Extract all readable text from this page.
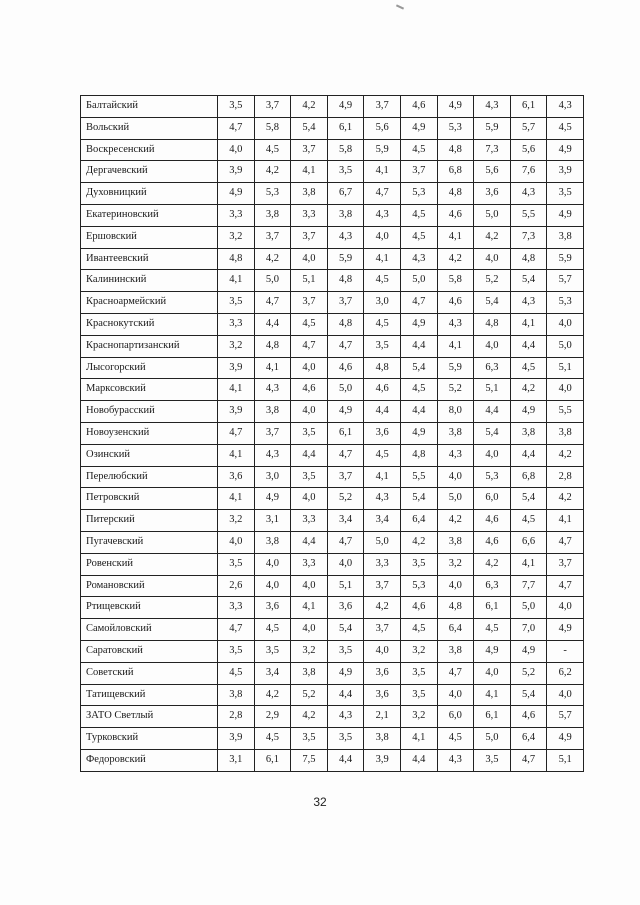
Балтайский	3,5	3,7	4,2	4,9	3,7	4,6	4,9	4,3	6,1	4,3
Вольский	4,7	5,8	5,4	6,1	5,6	4,9	5,3	5,9	5,7	4,5
Воскресенский	4,0	4,5	3,7	5,8	5,9	4,5	4,8	7,3	5,6	4,9
Дергачевский	3,9	4,2	4,1	3,5	4,1	3,7	6,8	5,6	7,6	3,9
Духовницкий	4,9	5,3	3,8	6,7	4,7	5,3	4,8	3,6	4,3	3,5
Екатериновский	3,3	3,8	3,3	3,8	4,3	4,5	4,6	5,0	5,5	4,9
Ершовский	3,2	3,7	3,7	4,3	4,0	4,5	4,1	4,2	7,3	3,8
Ивантеевский	4,8	4,2	4,0	5,9	4,1	4,3	4,2	4,0	4,8	5,9
Калининский	4,1	5,0	5,1	4,8	4,5	5,0	5,8	5,2	5,4	5,7
Красноармейский	3,5	4,7	3,7	3,7	3,0	4,7	4,6	5,4	4,3	5,3
Краснокутский	3,3	4,4	4,5	4,8	4,5	4,9	4,3	4,8	4,1	4,0
Краснопартизанский	3,2	4,8	4,7	4,7	3,5	4,4	4,1	4,0	4,4	5,0
Лысогорский	3,9	4,1	4,0	4,6	4,8	5,4	5,9	6,3	4,5	5,1
Марксовский	4,1	4,3	4,6	5,0	4,6	4,5	5,2	5,1	4,2	4,0
Новобурасский	3,9	3,8	4,0	4,9	4,4	4,4	8,0	4,4	4,9	5,5
Новоузенский	4,7	3,7	3,5	6,1	3,6	4,9	3,8	5,4	3,8	3,8
Озинский	4,1	4,3	4,4	4,7	4,5	4,8	4,3	4,0	4,4	4,2
Перелюбский	3,6	3,0	3,5	3,7	4,1	5,5	4,0	5,3	6,8	2,8
Петровский	4,1	4,9	4,0	5,2	4,3	5,4	5,0	6,0	5,4	4,2
Питерский	3,2	3,1	3,3	3,4	3,4	6,4	4,2	4,6	4,5	4,1
Пугачевский	4,0	3,8	4,4	4,7	5,0	4,2	3,8	4,6	6,6	4,7
Ровенский	3,5	4,0	3,3	4,0	3,3	3,5	3,2	4,2	4,1	3,7
Романовский	2,6	4,0	4,0	5,1	3,7	5,3	4,0	6,3	7,7	4,7
Ртищевский	3,3	3,6	4,1	3,6	4,2	4,6	4,8	6,1	5,0	4,0
Самойловский	4,7	4,5	4,0	5,4	3,7	4,5	6,4	4,5	7,0	4,9
Саратовский	3,5	3,5	3,2	3,5	4,0	3,2	3,8	4,9	4,9	-
Советский	4,5	3,4	3,8	4,9	3,6	3,5	4,7	4,0	5,2	6,2
Татищевский	3,8	4,2	5,2	4,4	3,6	3,5	4,0	4,1	5,4	4,0
ЗАТО Светлый	2,8	2,9	4,2	4,3	2,1	3,2	6,0	6,1	4,6	5,7
Турковский	3,9	4,5	3,5	3,5	3,8	4,1	4,5	5,0	6,4	4,9
Федоровский	3,1	6,1	7,5	4,4	3,9	4,4	4,3	3,5	4,7	5,1
32
